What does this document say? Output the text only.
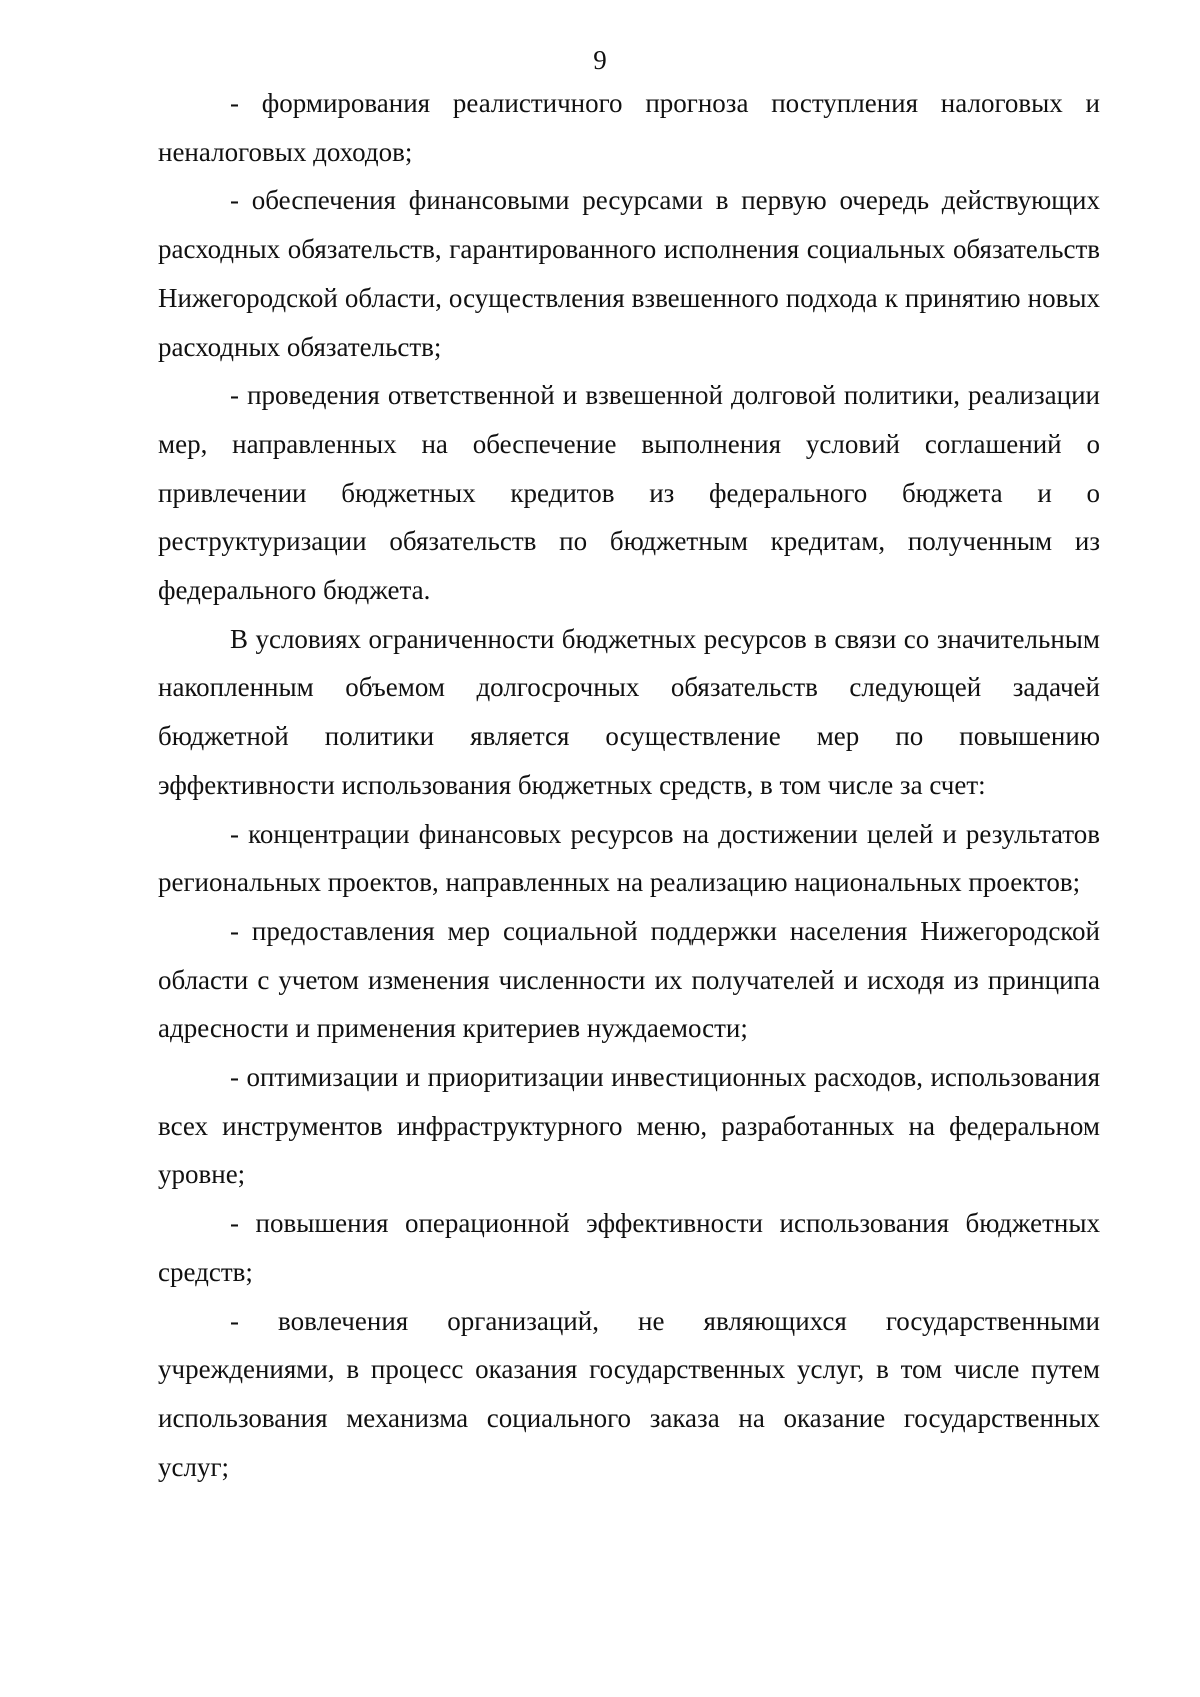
9

- формирования реалистичного прогноза поступления налоговых и неналоговых доходов;

- обеспечения финансовыми ресурсами в первую очередь действующих расходных обязательств, гарантированного исполнения социальных обязательств Нижегородской области, осуществления взвешенного подхода к принятию новых расходных обязательств;

- проведения ответственной и взвешенной долговой политики, реализации мер, направленных на обеспечение выполнения условий соглашений о привлечении бюджетных кредитов из федерального бюджета и о реструктуризации обязательств по бюджетным кредитам, полученным из федерального бюджета.

В условиях ограниченности бюджетных ресурсов в связи со значительным накопленным объемом долгосрочных обязательств следующей задачей бюджетной политики является осуществление мер по повышению эффективности использования бюджетных средств, в том числе за счет:

- концентрации финансовых ресурсов на достижении целей и результатов региональных проектов, направленных на реализацию национальных проектов;

- предоставления мер социальной поддержки населения Нижегородской области с учетом изменения численности их получателей и исходя из принципа адресности и применения критериев нуждаемости;

- оптимизации и приоритизации инвестиционных расходов, использования всех инструментов инфраструктурного меню, разработанных на федеральном уровне;

- повышения операционной эффективности использования бюджетных средств;

- вовлечения организаций, не являющихся государственными учреждениями, в процесс оказания государственных услуг, в том числе путем использования механизма социального заказа на оказание государственных услуг;
